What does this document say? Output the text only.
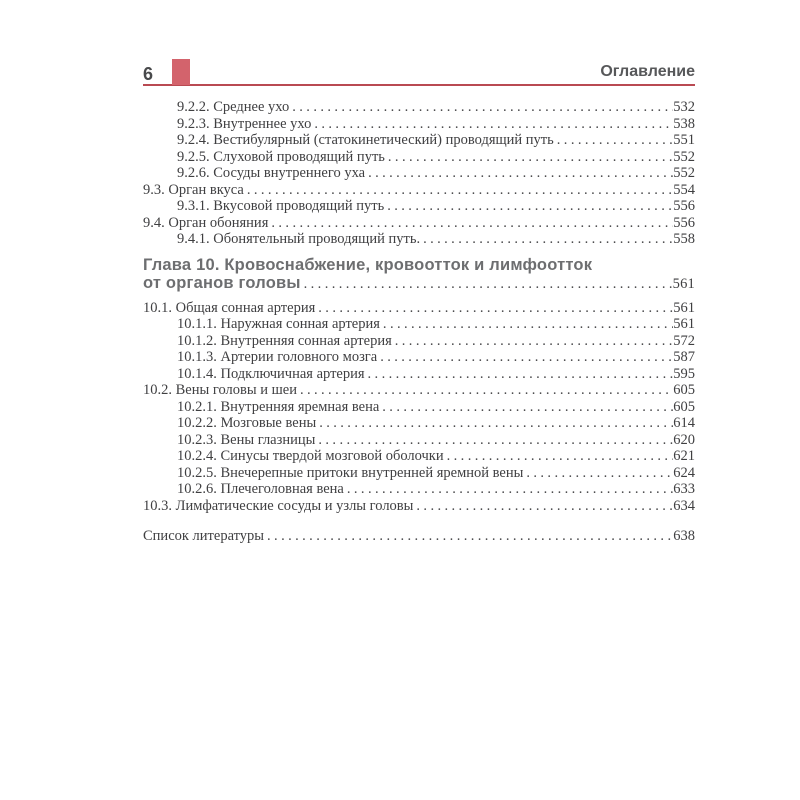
6	Оглавление
9.2.2. Среднее ухо .....	532
9.2.3. Внутреннее ухо .....	538
9.2.4. Вестибулярный (статокинетический) проводящий путь .....	551
9.2.5. Слуховой проводящий путь .....	552
9.2.6. Сосуды внутреннего уха .....	552
9.3. Орган вкуса .....	554
9.3.1. Вкусовой проводящий путь .....	556
9.4. Орган обоняния .....	556
9.4.1. Обонятельный проводящий путь. .....	558
Глава 10. Кровоснабжение, кровоотток и лимфоотток
от органов головы .....	561
10.1. Общая сонная артерия .....	561
10.1.1. Наружная сонная артерия .....	561
10.1.2. Внутренняя сонная артерия .....	572
10.1.3. Артерии головного мозга .....	587
10.1.4. Подключичная артерия .....	595
10.2. Вены головы и шеи .....	605
10.2.1. Внутренняя яремная вена .....	605
10.2.2. Мозговые вены .....	614
10.2.3. Вены глазницы .....	620
10.2.4. Синусы твердой мозговой оболочки .....	621
10.2.5. Внечерепные притоки внутренней яремной вены .....	624
10.2.6. Плечеголовная вена .....	633
10.3. Лимфатические сосуды и узлы головы .....	634
Список литературы .....	638
